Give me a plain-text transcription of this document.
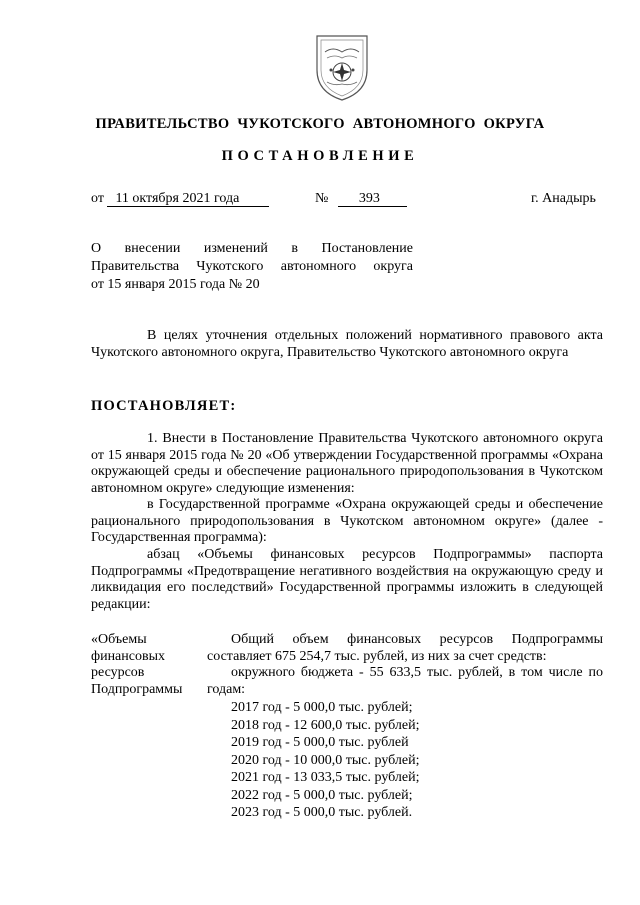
ПРАВИТЕЛЬСТВО ЧУКОТСКОГО АВТОНОМНОГО ОКРУГА
ПОСТАНОВЛЕНИЕ
от 11 октября 2021 года	№ 393	г. Анадырь
О внесении изменений в Постановление
Правительства Чукотского автономного округа
от 15 января 2015 года № 20
В целях уточнения отдельных положений нормативного правового акта Чукотского автономного округа, Правительство Чукотского автономного округа
ПОСТАНОВЛЯЕТ:
1. Внести в Постановление Правительства Чукотского автономного округа от 15 января 2015 года № 20 «Об утверждении Государственной программы «Охрана окружающей среды и обеспечение рационального природопользования в Чукотском автономном округе» следующие изменения:
в Государственной программе «Охрана окружающей среды и обеспечение рационального природопользования в Чукотском автономном округе» (далее - Государственная программа):
абзац «Объемы финансовых ресурсов Подпрограммы» паспорта Подпрограммы «Предотвращение негативного воздействия на окружающую среду и ликвидация его последствий» Государственной программы изложить в следующей редакции:
«Объемы
финансовых
ресурсов
Подпрограммы
Общий объем финансовых ресурсов Подпрограммы составляет 675 254,7 тыс. рублей, из них за счет средств:
окружного бюджета - 55 633,5 тыс. рублей, в том числе по годам:
2017 год - 5 000,0 тыс. рублей;
2018 год - 12 600,0 тыс. рублей;
2019 год - 5 000,0 тыс. рублей
2020 год - 10 000,0 тыс. рублей;
2021 год - 13 033,5 тыс. рублей;
2022 год - 5 000,0 тыс. рублей;
2023 год - 5 000,0 тыс. рублей.
